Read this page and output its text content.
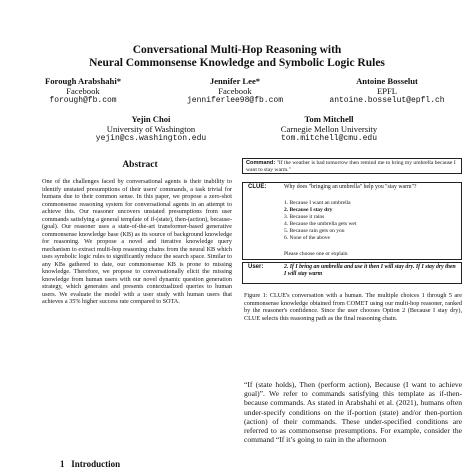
Conversational Multi-Hop Reasoning with
Neural Commonsense Knowledge and Symbolic Logic Rules
Forough Arabshahi*
Facebook
forough@fb.com
Jennifer Lee*
Facebook
jenniferlee98@fb.com
Antoine Bosselut
EPFL
antoine.bosselut@epfl.ch
Yejin Choi
University of Washington
yejin@cs.washington.edu
Tom Mitchell
Carnegie Mellon University
tom.mitchell@cmu.edu
Abstract

One of the challenges faced by conversational agents is their inability to identify unstated presumptions of their users' commands, a task trivial for humans due to their common sense. In this paper, we propose a zero-shot commonsense reasoning system for conversational agents in an attempt to achieve this. Our reasoner uncovers unstated presumptions from user commands satisfying a general template of if-(state), then-(action), because-(goal). Our reasoner uses a state-of-the-art transformer-based generative commonsense knowledge base (KB) as its source of background knowledge for reasoning. We propose a novel and iterative knowledge query mechanism to extract multi-hop reasoning chains from the neural KB which uses symbolic logic rules to significantly reduce the search space. Similar to any KBs gathered to date, our commonsense KB is prone to missing knowledge. Therefore, we propose to conversationally elicit the missing knowledge from human users with our novel dynamic question generation strategy, which generates and presents contextualized queries to human users. We evaluate the model with a user study with human users that achieves a 35% higher success rate compared to SOTA.

1 Introduction
Command: "If the weather is bad tomorrow then remind me to bring my umbrella because I want to stay warm."
CLUE:	Why does "bringing an umbrella" help you "stay warm"?
1. Because I want an umbrella
2. Because I stay dry
3. Because it rains
4. Because the umbrella gets wet
5. Because rain gets on you
6. None of the above
Please choose one or explain
User:	2. If I bring an umbrella and use it then I will stay dry. If I stay dry then I will stay warm
Figure 1: CLUE's conversation with a human. The multiple choices 1 through 5 are commonsense knowledge obtained from COMET using our multi-hop reasoner, ranked by the reasoner's confidence. Since the user chooses Option 2 (Because I stay dry), CLUE selects this reasoning path as the final reasoning chain.
“If (state holds), Then (perform action), Because (I want to achieve goal)”. We refer to commands satisfying this template as if-then-because commands. As stated in Arabshahi et al. (2021), humans often under-specify conditions on the if-portion (state) and/or then-portion (action) of their commands. These under-specified conditions are referred to as commonsense presumptions. For example, consider the command “If it’s going to rain in the afternoon
